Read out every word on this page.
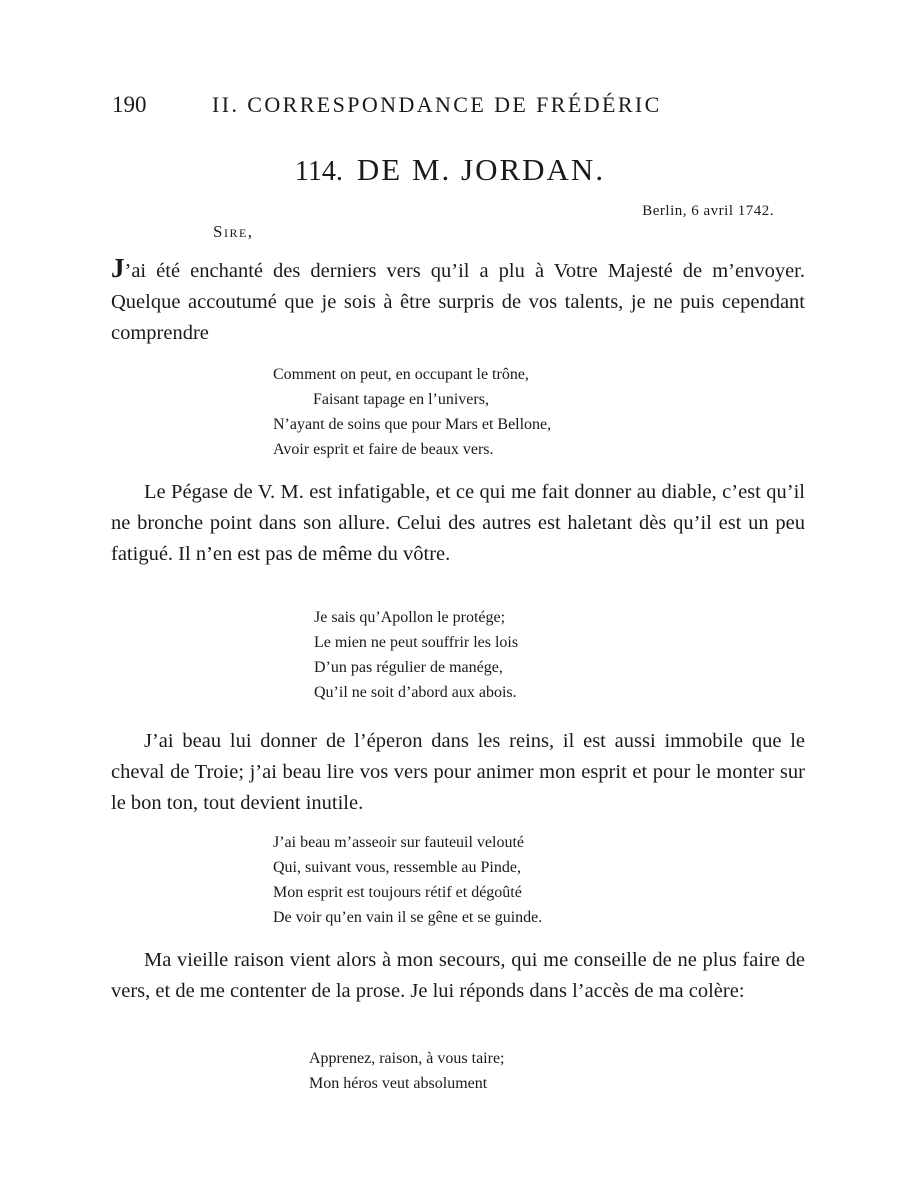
190	II. CORRESPONDANCE DE FRÉDÉRIC
114. DE M. JORDAN.
Berlin, 6 avril 1742.
Sire,

J’ai été enchanté des derniers vers qu’il a plu à Votre Majesté de m’envoyer. Quelque accoutumé que je sois à être surpris de vos talents, je ne puis cependant comprendre

Comment on peut, en occupant le trône,
Faisant tapage en l’univers,
N’ayant de soins que pour Mars et Bellone,
Avoir esprit et faire de beaux vers.

Le Pégase de V. M. est infatigable, et ce qui me fait donner au diable, c’est qu’il ne bronche point dans son allure. Celui des autres est haletant dès qu’il est un peu fatigué. Il n’en est pas de même du vôtre.

Je sais qu’Apollon le protége;
Le mien ne peut souffrir les lois
D’un pas régulier de manége,
Qu’il ne soit d’abord aux abois.

J’ai beau lui donner de l’éperon dans les reins, il est aussi immobile que le cheval de Troie; j’ai beau lire vos vers pour animer mon esprit et pour le monter sur le bon ton, tout devient inutile.

J’ai beau m’asseoir sur fauteuil velouté
Qui, suivant vous, ressemble au Pinde,
Mon esprit est toujours rétif et dégoûté
De voir qu’en vain il se gêne et se guinde.

Ma vieille raison vient alors à mon secours, qui me conseille de ne plus faire de vers, et de me contenter de la prose. Je lui réponds dans l’accès de ma colère:

Apprenez, raison, à vous taire;
Mon héros veut absolument
